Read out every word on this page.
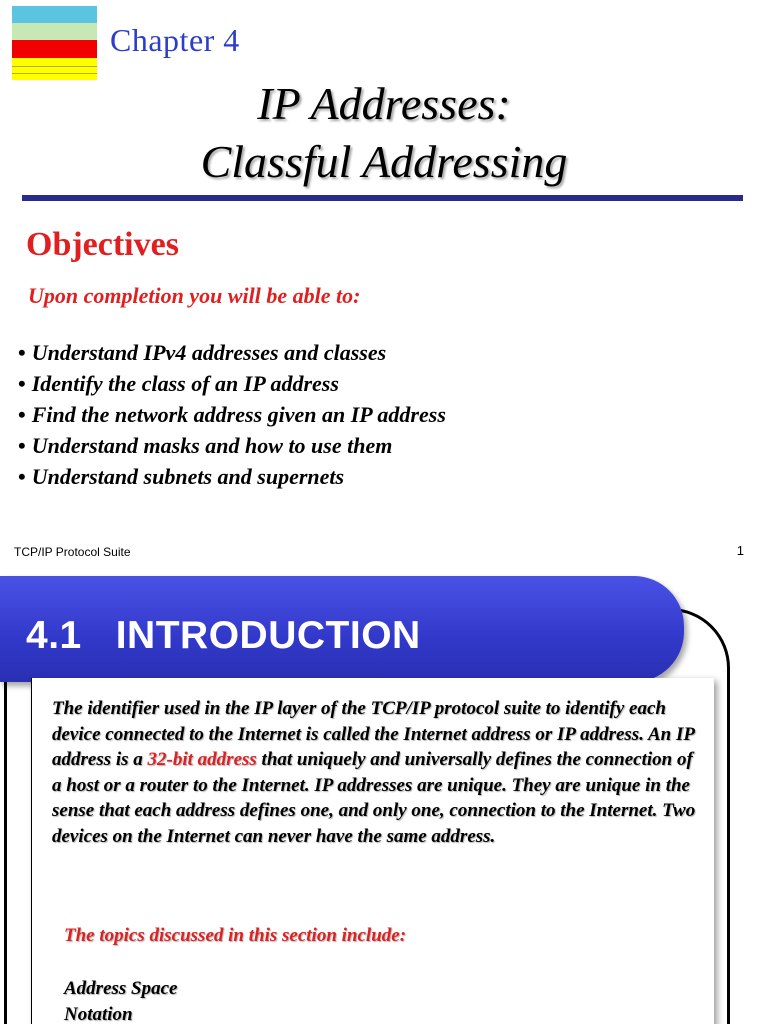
Chapter 4
IP Addresses:
Classful Addressing
Objectives
Upon completion you will be able to:
• Understand IPv4 addresses and classes
• Identify the class of an IP address
• Find the network address given an IP address
• Understand masks and how to use them
• Understand subnets and supernets
TCP/IP Protocol Suite	1
4.1 INTRODUCTION
The identifier used in the IP layer of the TCP/IP protocol suite to identify each device connected to the Internet is called the Internet address or IP address. An IP address is a 32-bit address that uniquely and universally defines the connection of a host or a router to the Internet. IP addresses are unique. They are unique in the sense that each address defines one, and only one, connection to the Internet. Two devices on the Internet can never have the same address.
The topics discussed in this section include:
Address Space
Notation
